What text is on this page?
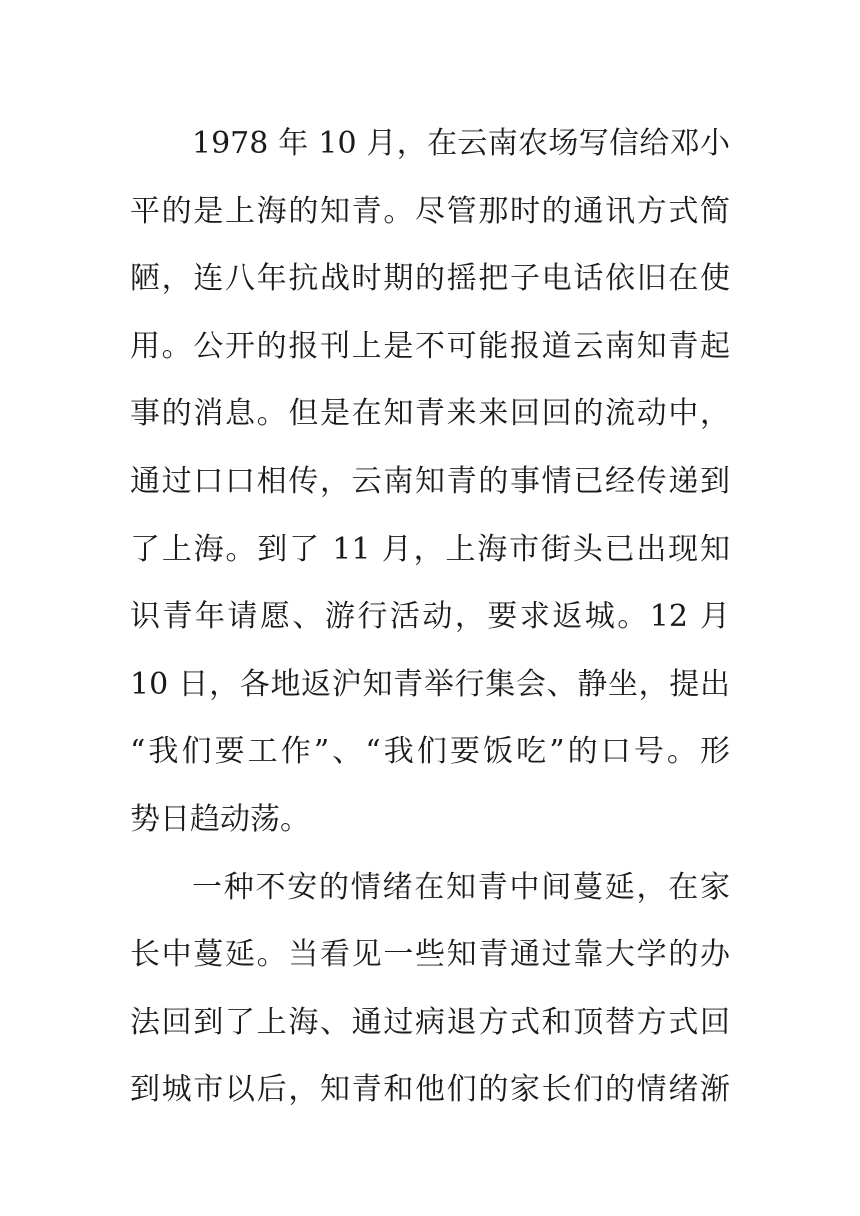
1978 年 10 月，在云南农场写信给邓小
平的是上海的知青。尽管那时的通讯方式简
陋，连八年抗战时期的摇把子电话依旧在使
用。公开的报刊上是不可能报道云南知青起
事的消息。但是在知青来来回回的流动中，
通过口口相传，云南知青的事情已经传递到
了上海。到了 11 月，上海市街头已出现知
识青年请愿、游行活动，要求返城。12 月
10 日，各地返沪知青举行集会、静坐，提出
“我们要工作”、“我们要饭吃”的口号。形
势日趋动荡。
一种不安的情绪在知青中间蔓延，在家
长中蔓延。当看见一些知青通过靠大学的办
法回到了上海、通过病退方式和顶替方式回
到城市以后，知青和他们的家长们的情绪渐
